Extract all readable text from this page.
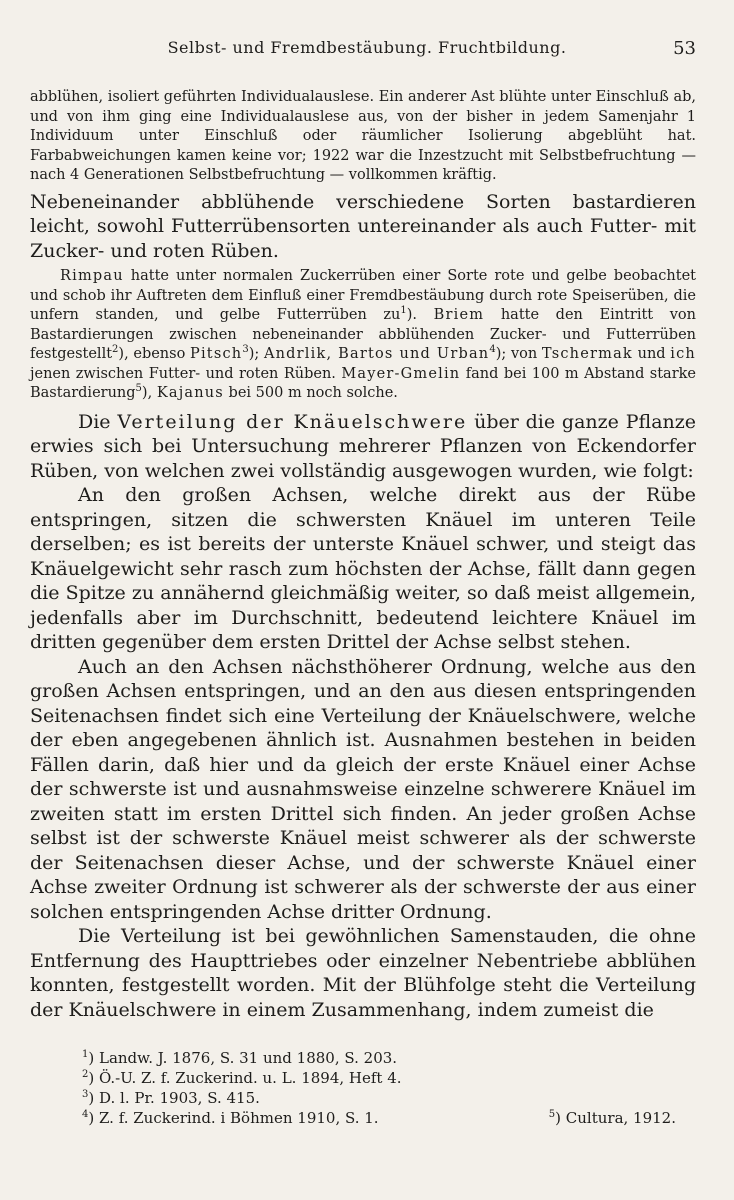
Selbst- und Fremdbestäubung. Fruchtbildung.	53

abblühen, isoliert geführten Individualauslese. Ein anderer Ast blühte unter Einschluß ab, und von ihm ging eine Individualauslese aus, von der bisher in jedem Samenjahr 1 Individuum unter Einschluß oder räumlicher Isolierung abgeblüht hat. Farbabweichungen kamen keine vor; 1922 war die Inzestzucht mit Selbstbefruchtung — nach 4 Generationen Selbstbefruchtung — vollkommen kräftig.

Nebeneinander abblühende verschiedene Sorten bastardieren leicht, sowohl Futterrübensorten untereinander als auch Futter- mit Zucker- und roten Rüben.

Rimpau hatte unter normalen Zuckerrüben einer Sorte rote und gelbe beobachtet und schob ihr Auftreten dem Einfluß einer Fremdbestäubung durch rote Speiserüben, die unfern standen, und gelbe Futterrüben $zu^1$). Briem hatte den Eintritt von Bastardierungen zwischen nebeneinander abblühenden Zucker- und Futterrüben festgestellt$^2$), ebenso Pitsch$^3$); Andrlik, Bartos und Urban$^4$); von Tschermak und ich jenen zwischen Futter- und roten Rüben. Mayer-Gmelin fand bei 100 m Abstand starke Bastardierung$^5$), Kajanus bei 500 m noch solche.

Die Verteilung der Knäuelschwere über die ganze Pflanze erwies sich bei Untersuchung mehrerer Pflanzen von Eckendorfer Rüben, von welchen zwei vollständig ausgewogen wurden, wie folgt:

An den großen Achsen, welche direkt aus der Rübe entspringen, sitzen die schwersten Knäuel im unteren Teile derselben; es ist bereits der unterste Knäuel schwer, und steigt das Knäuelgewicht sehr rasch zum höchsten der Achse, fällt dann gegen die Spitze zu annähernd gleichmäßig weiter, so daß meist allgemein, jedenfalls aber im Durchschnitt, bedeutend leichtere Knäuel im dritten gegenüber dem ersten Drittel der Achse selbst stehen.

Auch an den Achsen nächsthöherer Ordnung, welche aus den großen Achsen entspringen, und an den aus diesen entspringenden Seitenachsen findet sich eine Verteilung der Knäuelschwere, welche der eben angegebenen ähnlich ist. Ausnahmen bestehen in beiden Fällen darin, daß hier und da gleich der erste Knäuel einer Achse der schwerste ist und ausnahmsweise einzelne schwerere Knäuel im zweiten statt im ersten Drittel sich finden. An jeder großen Achse selbst ist der schwerste Knäuel meist schwerer als der schwerste der Seitenachsen dieser Achse, und der schwerste Knäuel einer Achse zweiter Ordnung ist schwerer als der schwerste der aus einer solchen entspringenden Achse dritter Ordnung.

Die Verteilung ist bei gewöhnlichen Samenstauden, die ohne Entfernung des Haupttriebes oder einzelner Nebentriebe abblühen konnten, festgestellt worden. Mit der Blühfolge steht die Verteilung der Knäuelschwere in einem Zusammenhang, indem zumeist die

$^1$) Landw. J. 1876, S. 31 und 1880, S. 203.
$^2$) Ö.-U. Z. f. Zuckerind. u. L. 1894, Heft 4.
$^3$) D. l. Pr. 1903, S. 415.
$^4$) Z. f. Zuckerind. i Böhmen 1910, S. 1.	$^5$) Cultura, 1912.
